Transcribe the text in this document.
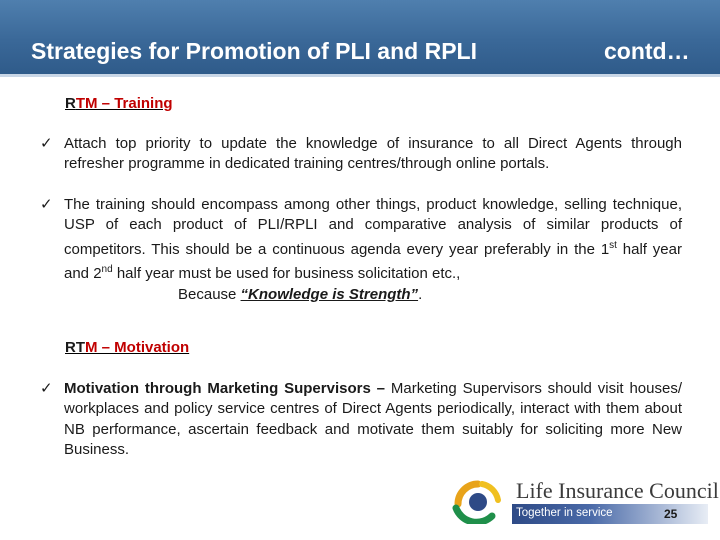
Strategies for Promotion of PLI and RPLI	contd…
RTM – Training
✓ Attach top priority to update the knowledge of insurance to all Direct Agents through refresher programme in dedicated training centres/through online portals.
✓ The training should encompass among other things, product knowledge, selling technique, USP of each product of PLI/RPLI and comparative analysis of similar products of competitors. This should be a continuous agenda every year preferably in the 1st half year and 2nd half year must be used for business solicitation etc.,
Because “Knowledge is Strength”.
RTM – Motivation
✓ Motivation through Marketing Supervisors – Marketing Supervisors should visit houses/ workplaces and policy service centres of Direct Agents periodically, interact with them about NB performance, ascertain feedback and motivate them suitably for soliciting more New Business.
Life Insurance Council
Together in service	25
